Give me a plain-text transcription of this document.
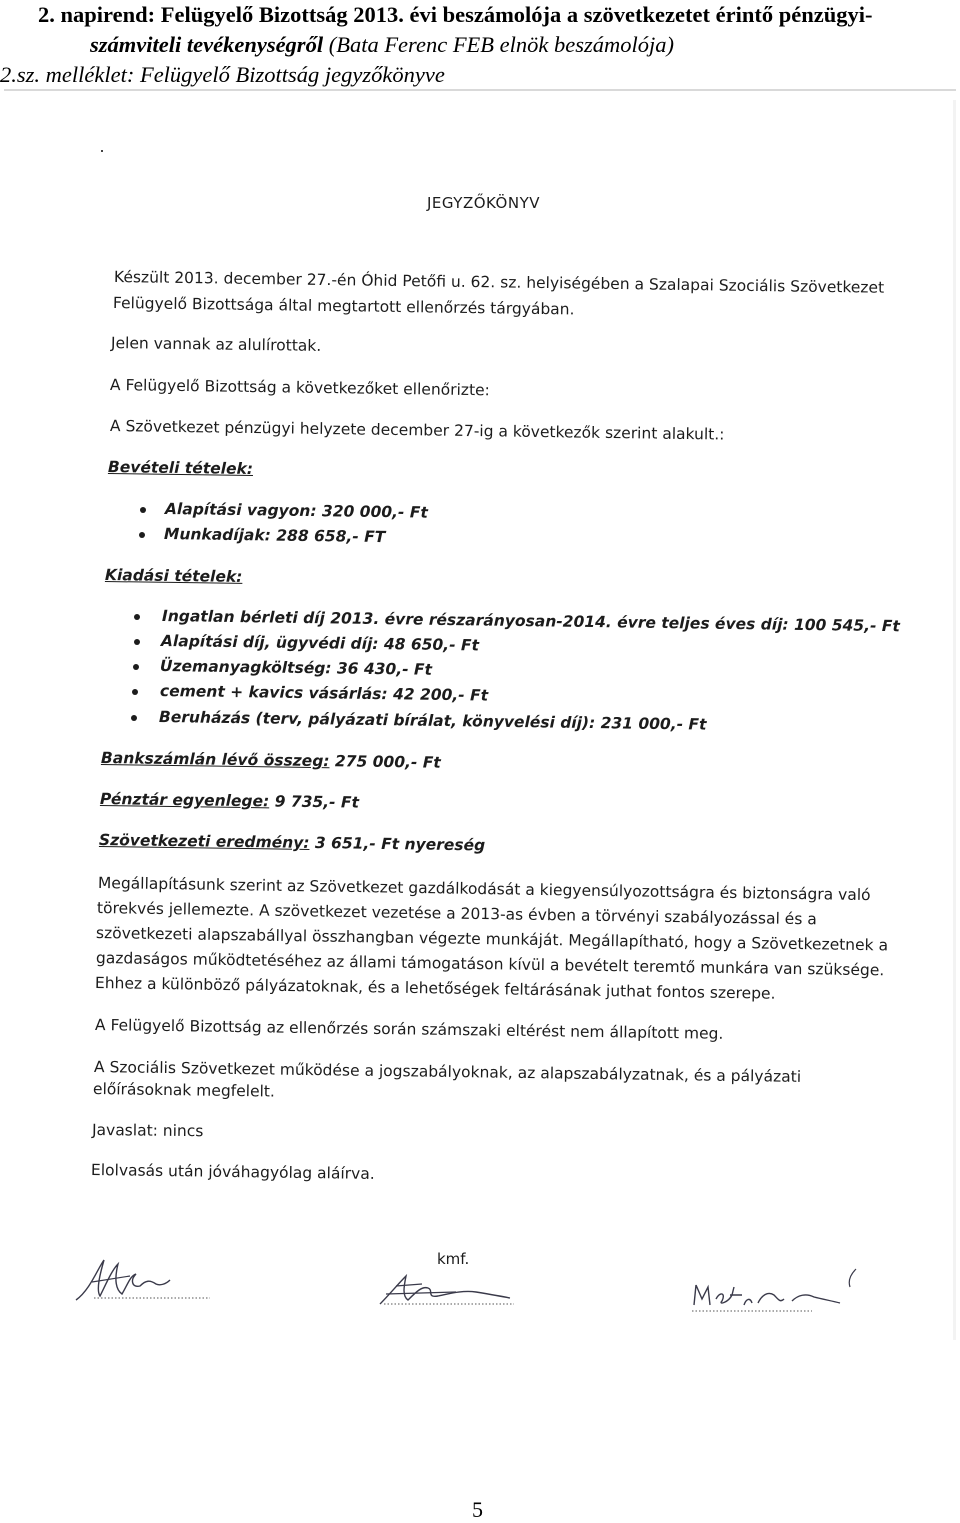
2. napirend: Felügyelő Bizottság 2013. évi beszámolója a szövetkezetet érintő pénzügyi-
számviteli tevékenységről (Bata Ferenc FEB elnök beszámolója)
2.sz. melléklet: Felügyelő Bizottság jegyzőkönyve
JEGYZŐKÖNYV
Készült 2013. december 27.-én Óhid Petőfi u. 62. sz. helyiségében a Szalapai Szociális Szövetkezet
Felügyelő Bizottsága által megtartott ellenőrzés tárgyában.
Jelen vannak az alulírottak.
A Felügyelő Bizottság a következőket ellenőrizte:
A Szövetkezet pénzügyi helyzete december 27-ig a következők szerint alakult.:
Bevételi tételek:
Alapítási vagyon: 320 000,- Ft
Munkadíjak: 288 658,- FT
Kiadási tételek:
Ingatlan bérleti díj 2013. évre részarányosan-2014. évre teljes éves díj: 100 545,- Ft
Alapítási díj, ügyvédi díj: 48 650,- Ft
Üzemanyagköltség: 36 430,- Ft
cement + kavics vásárlás: 42 200,- Ft
Beruházás (terv, pályázati bírálat, könyvelési díj): 231 000,- Ft
Bankszámlán lévő összeg: 275 000,- Ft
Pénztár egyenlege: 9 735,- Ft
Szövetkezeti eredmény: 3 651,- Ft nyereség
Megállapításunk szerint az Szövetkezet gazdálkodását a kiegyensúlyozottságra és biztonságra való
törekvés jellemezte. A szövetkezet vezetése a 2013-as évben a törvényi szabályozással és a
szövetkezeti alapszabállyal összhangban végezte munkáját. Megállapítható, hogy a Szövetkezetnek a
gazdaságos működtetéséhez az állami támogatáson kívül a bevételt teremtő munkára van szüksége.
Ehhez a különböző pályázatoknak, és a lehetőségek feltárásának juthat fontos szerepe.
A Felügyelő Bizottság az ellenőrzés során számszaki eltérést nem állapított meg.
A Szociális Szövetkezet működése a jogszabályoknak, az alapszabályzatnak, és a pályázati
előírásoknak megfelelt.
Javaslat: nincs
Elolvasás után jóváhagyólag aláírva.
kmf.
5
